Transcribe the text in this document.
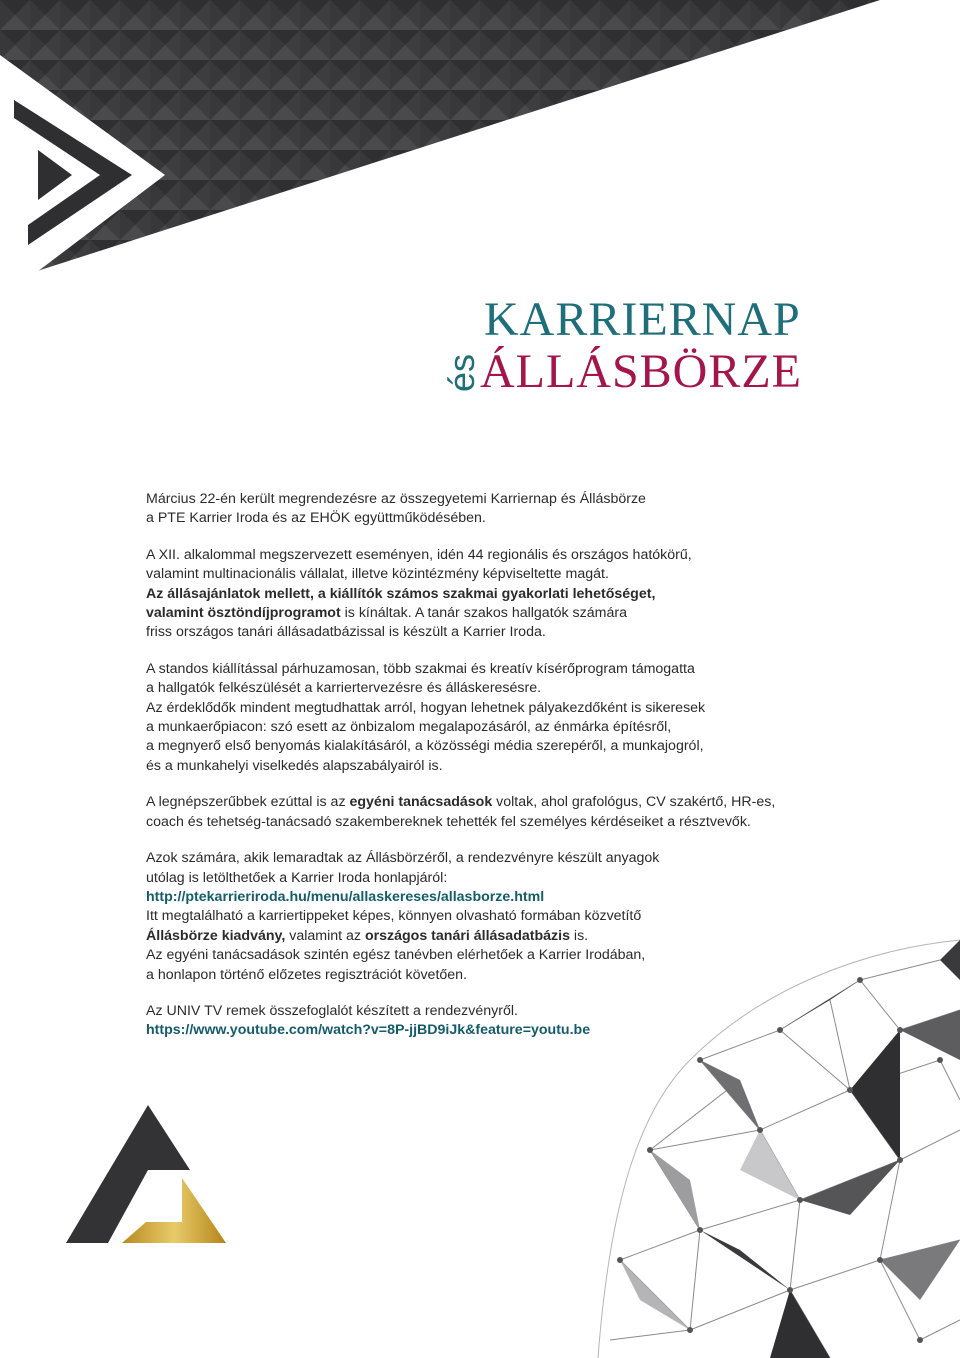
KARRIERNAP
és
ÁLLÁSBÖRZE

Március 22-én került megrendezésre az összegyetemi Karriernap és Állásbörze
a PTE Karrier Iroda és az EHÖK együttműködésében.

A XII. alkalommal megszervezett eseményen, idén 44 regionális és országos hatókörű,
valamint multinacionális vállalat, illetve közintézmény képviseltette magát.
Az állásajánlatok mellett, a kiállítók számos szakmai gyakorlati lehetőséget,
valamint ösztöndíjprogramot is kínáltak. A tanár szakos hallgatók számára
friss országos tanári állásadatbázissal is készült a Karrier Iroda.

A standos kiállítással párhuzamosan, több szakmai és kreatív kísérőprogram támogatta
a hallgatók felkészülését a karriertervezésre és álláskeresésre.
Az érdeklődők mindent megtudhattak arról, hogyan lehetnek pályakezdőként is sikeresek
a munkaerőpiacon: szó esett az önbizalom megalapozásáról, az énmárka építésről,
a megnyerő első benyomás kialakításáról, a közösségi média szerepéről, a munkajogról,
és a munkahelyi viselkedés alapszabályairól is.

A legnépszerűbbek ezúttal is az egyéni tanácsadások voltak, ahol grafológus, CV szakértő, HR-es,
coach és tehetség-tanácsadó szakembereknek tehették fel személyes kérdéseiket a résztvevők.

Azok számára, akik lemaradtak az Állásbörzéről, a rendezvényre készült anyagok
utólag is letölthetőek a Karrier Iroda honlapjáról:
http://ptekarrieriroda.hu/menu/allaskereses/allasborze.html
Itt megtalálható a karriertippeket képes, könnyen olvasható formában közvetítő
Állásbörze kiadvány, valamint az országos tanári állásadatbázis is.
Az egyéni tanácsadások szintén egész tanévben elérhetőek a Karrier Irodában,
a honlapon történő előzetes regisztrációt követően.

Az UNIV TV remek összefoglalót készített a rendezvényről.
https://www.youtube.com/watch?v=8P-jjBD9iJk&feature=youtu.be
